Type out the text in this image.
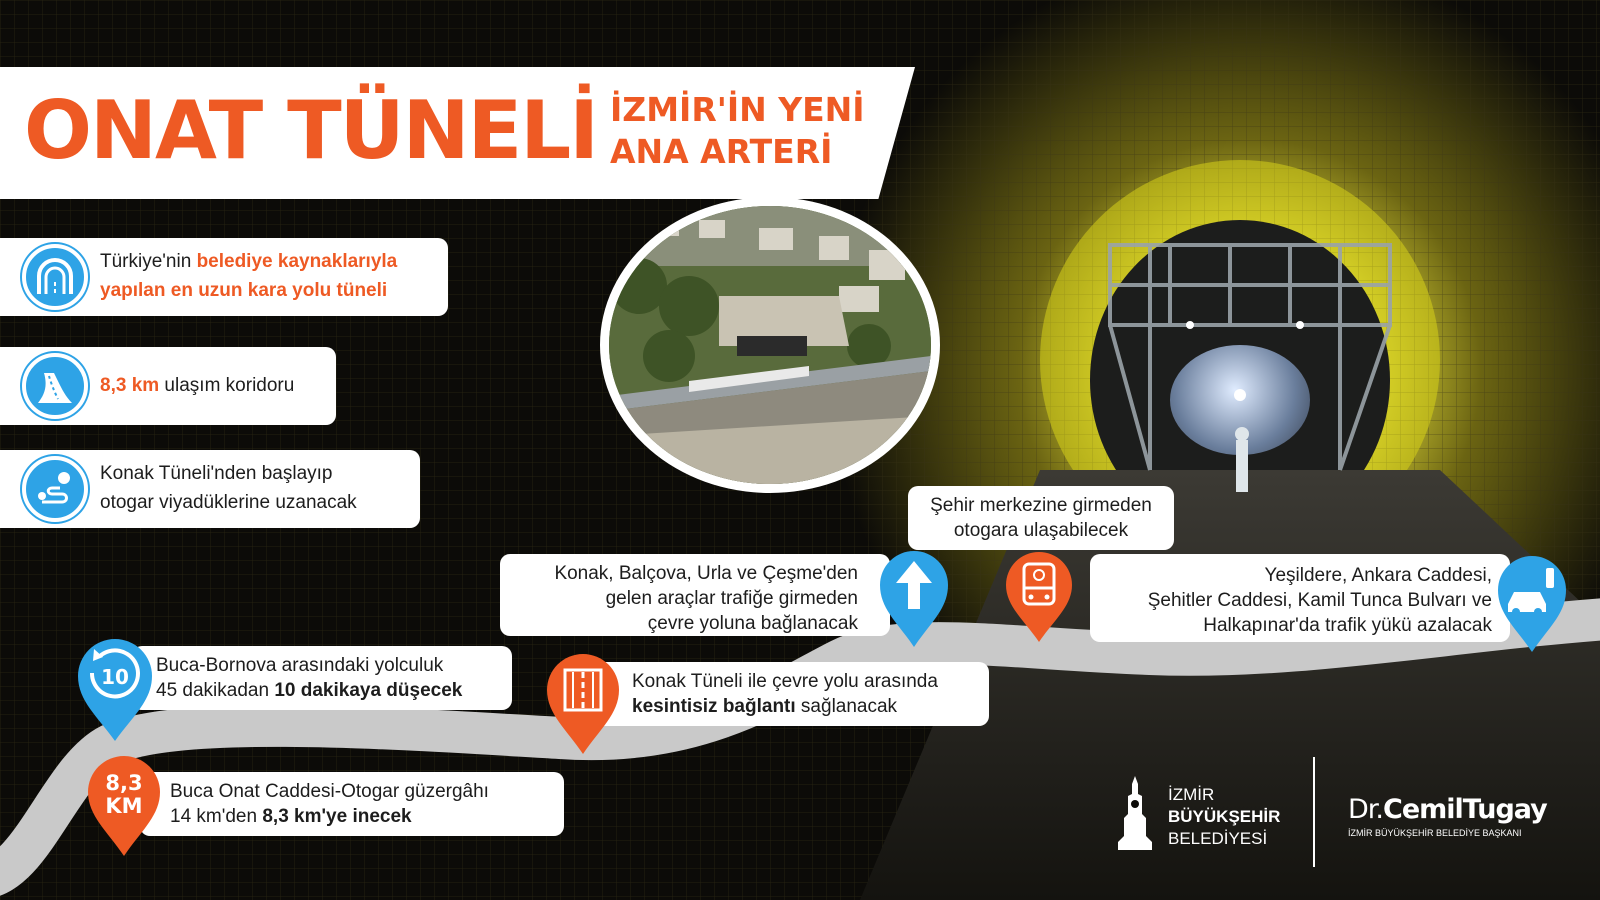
ONAT TÜNELİ İZMİR'İN YENİ
ANA ARTERİ
Türkiye'nin belediye kaynaklarıyla
yapılan en uzun kara yolu tüneli
8,3 km ulaşım koridoru
Konak Tüneli'nden başlayıp
otogar viyadüklerine uzanacak	Şehir merkezine girmeden
otogara ulaşabilecek
Konak, Balçova, Urla ve Çeşme'den
gelen araçlar trafiğe girmeden
çevre yoluna bağlanacak
Yeşildere, Ankara Caddesi,
Şehitler Caddesi, Kamil Tunca Bulvarı ve
Halkapınar'da trafik yükü azalacak
Buca-Bornova arasındaki yolculuk
45 dakikadan 10 dakikaya düşecek
10	Konak Tüneli ile çevre yolu arasında
kesintisiz bağlantı sağlanacak
Buca Onat Caddesi-Otogar güzergâhı
14 km'den 8,3 km'ye inecek
8,3
KM	İZMİR
BÜYÜKŞEHİR
BELEDİYESİ
Dr.CemilTugay
İZMİR BÜYÜKŞEHİR BELEDİYE BAŞKANI
